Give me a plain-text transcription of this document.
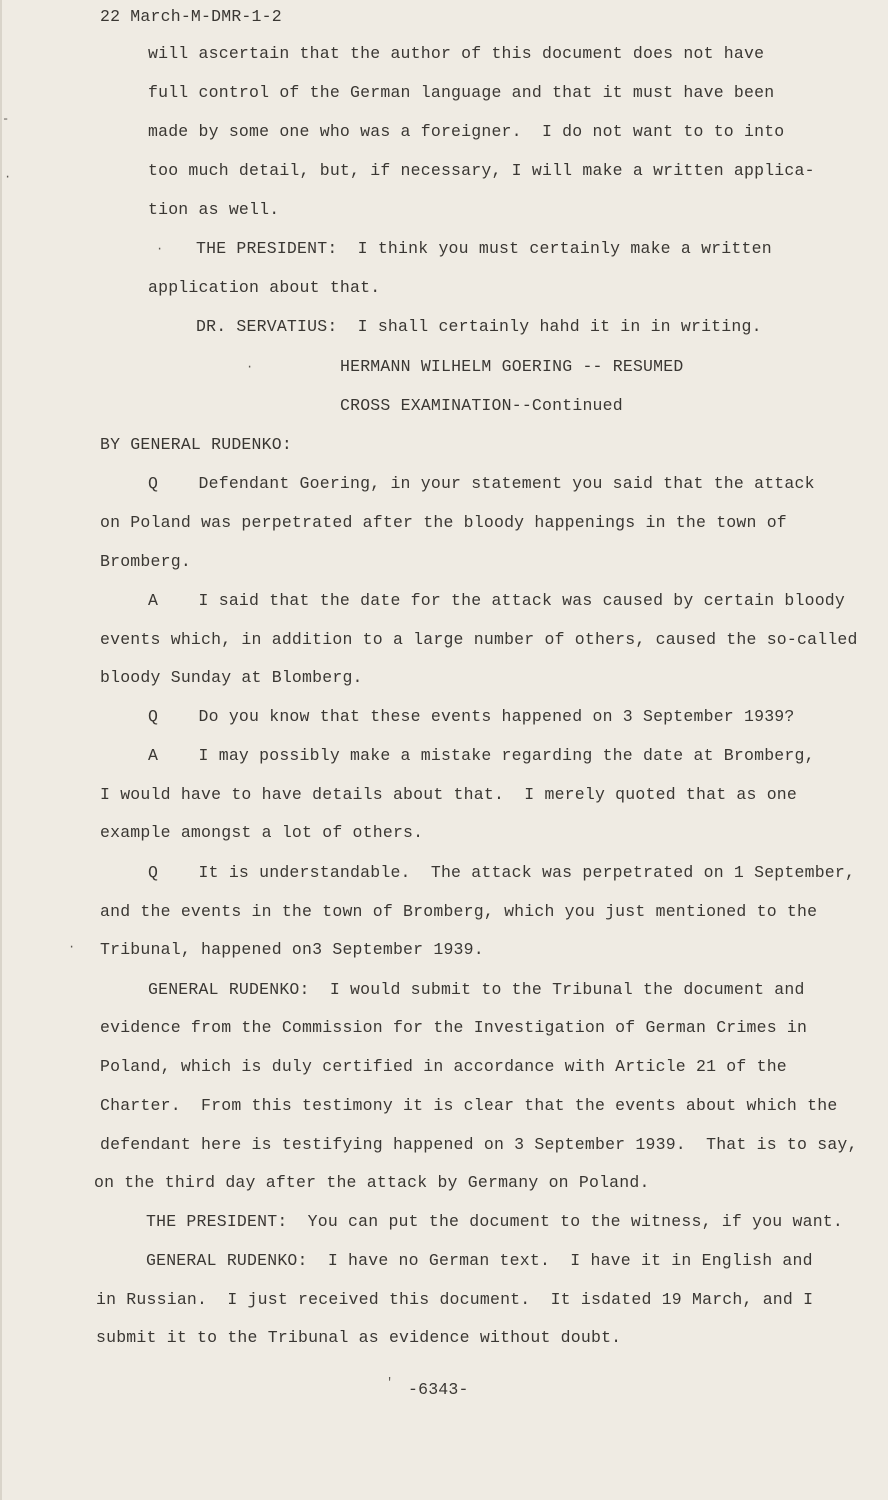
-
·
·
·
·
'
22 March-M-DMR-1-2
will ascertain that the author of this document does not have
full control of the German language and that it must have been
made by some one who was a foreigner.  I do not want to to into
too much detail, but, if necessary, I will make a written applica-
tion as well.
THE PRESIDENT:  I think you must certainly make a written
application about that.
DR. SERVATIUS:  I shall certainly hahd it in in writing.
HERMANN WILHELM GOERING -- RESUMED
CROSS EXAMINATION--Continued
BY GENERAL RUDENKO:
Q    Defendant Goering, in your statement you said that the attack
on Poland was perpetrated after the bloody happenings in the town of
Bromberg.
A    I said that the date for the attack was caused by certain bloody
events which, in addition to a large number of others, caused the so-called
bloody Sunday at Blomberg.
Q    Do you know that these events happened on 3 September 1939?
A    I may possibly make a mistake regarding the date at Bromberg,
I would have to have details about that.  I merely quoted that as one
example amongst a lot of others.
Q    It is understandable.  The attack was perpetrated on 1 September,
and the events in the town of Bromberg, which you just mentioned to the
Tribunal, happened on3 September 1939.
GENERAL RUDENKO:  I would submit to the Tribunal the document and
evidence from the Commission for the Investigation of German Crimes in
Poland, which is duly certified in accordance with Article 21 of the
Charter.  From this testimony it is clear that the events about which the
defendant here is testifying happened on 3 September 1939.  That is to say,
on the third day after the attack by Germany on Poland.
THE PRESIDENT:  You can put the document to the witness, if you want.
GENERAL RUDENKO:  I have no German text.  I have it in English and
in Russian.  I just received this document.  It isdated 19 March, and I
submit it to the Tribunal as evidence without doubt.
-6343-
